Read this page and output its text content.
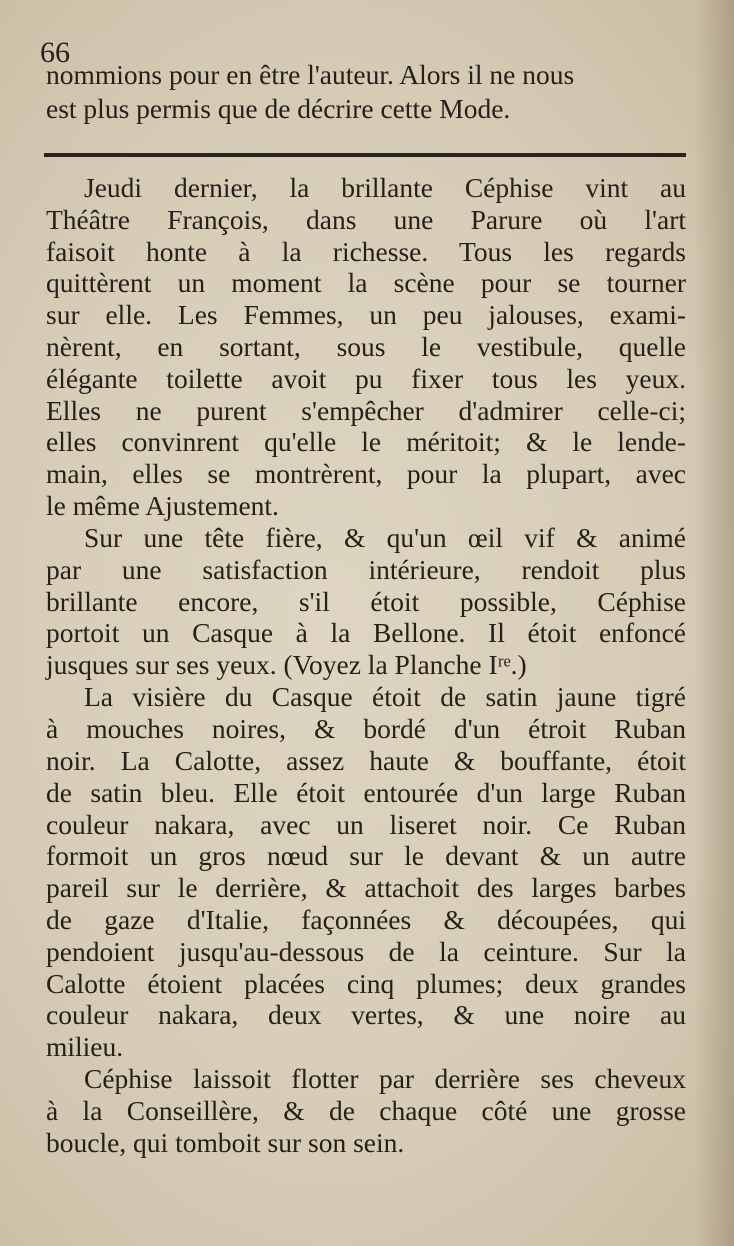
66

nommions pour en être l'auteur. Alors il ne nous

est plus permis que de décrire cette Mode.

Jeudi dernier, la brillante Céphise vint au
Théâtre François, dans une Parure où l'art
faisoit honte à la richesse. Tous les regards
quittèrent un moment la scène pour se tourner
sur elle. Les Femmes, un peu jalouses, exami-
nèrent, en sortant, sous le vestibule, quelle
élégante toilette avoit pu fixer tous les yeux.
Elles ne purent s'empêcher d'admirer celle-ci;
elles convinrent qu'elle le méritoit; & le lende-
main, elles se montrèrent, pour la plupart, avec
le même Ajustement.

Sur une tête fière, & qu'un œil vif & animé
par une satisfaction intérieure, rendoit plus
brillante encore, s'il étoit possible, Céphise
portoit un Casque à la Bellone. Il étoit enfoncé
jusques sur ses yeux. (Voyez la Planche Iʳᵉ.)

La visière du Casque étoit de satin jaune tigré
à mouches noires, & bordé d'un étroit Ruban
noir. La Calotte, assez haute & bouffante, étoit
de satin bleu. Elle étoit entourée d'un large Ruban
couleur nakara, avec un liseret noir. Ce Ruban
formoit un gros nœud sur le devant & un autre
pareil sur le derrière, & attachoit des larges barbes
de gaze d'Italie, façonnées & découpées, qui
pendoient jusqu'au-dessous de la ceinture. Sur la
Calotte étoient placées cinq plumes; deux grandes
couleur nakara, deux vertes, & une noire au
milieu.

Céphise laissoit flotter par derrière ses cheveux
à la Conseillère, & de chaque côté une grosse
boucle, qui tomboit sur son sein.
